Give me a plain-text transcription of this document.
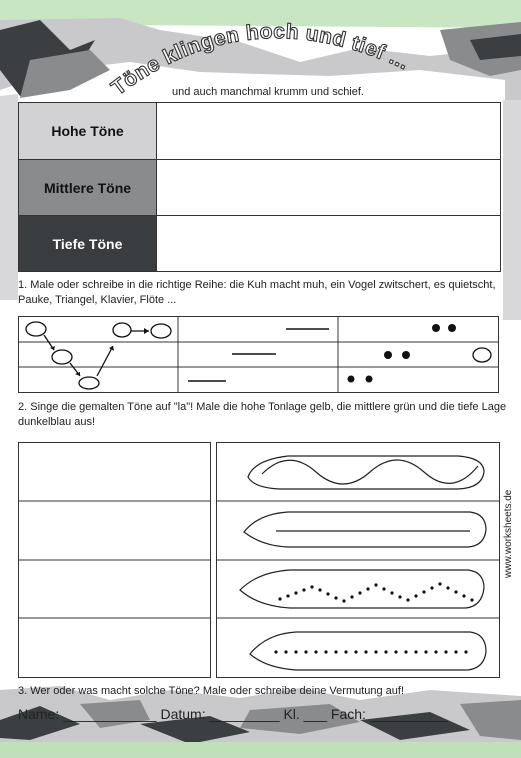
Töne klingen hoch und tief ...
und auch manchmal krumm und schief.
Hohe Töne
Mittlere Töne
Tiefe Töne
1. Male oder schreibe in die richtige Reihe: die Kuh macht muh, ein Vogel zwitschert, es quietscht, Pauke, Triangel, Klavier, Flöte ...
2. Singe die gemalten Töne auf "la"! Male die hohe Tonlage gelb, die mittlere grün und die tiefe Lage dunkelblau aus!
www.worksheets.de
3. Wer oder was macht solche Töne? Male oder schreibe deine Vermutung auf!
Name: ____________ Datum: _________ Kl. ___ Fach: __________
